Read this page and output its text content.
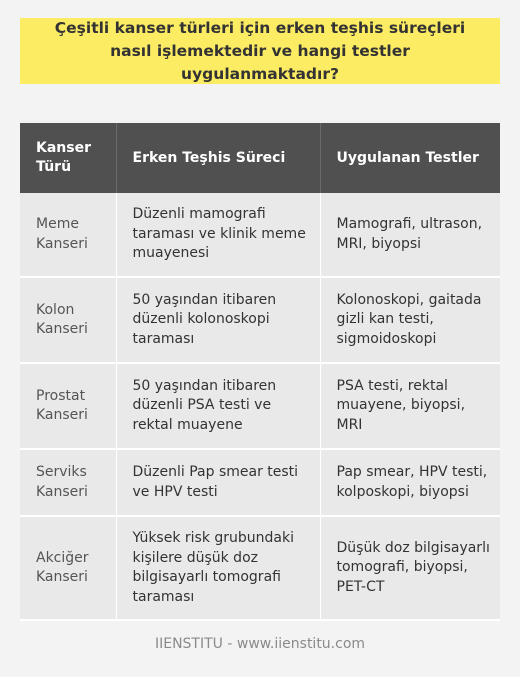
Çeşitli kanser türleri için erken teşhis süreçleri nasıl işlemektedir ve hangi testler uygulanmaktadır?
Kanser Türü	Erken Teşhis Süreci	Uygulanan Testler
Meme Kanseri	Düzenli mamografi taraması ve klinik meme muayenesi	Mamografi, ultrason, MRI, biyopsi
Kolon Kanseri	50 yaşından itibaren düzenli kolonoskopi taraması	Kolonoskopi, gaitada gizli kan testi, sigmoidoskopi
Prostat Kanseri	50 yaşından itibaren düzenli PSA testi ve rektal muayene	PSA testi, rektal muayene, biyopsi, MRI
Serviks Kanseri	Düzenli Pap smear testi ve HPV testi	Pap smear, HPV testi, kolposkopi, biyopsi
Akciğer Kanseri	Yüksek risk grubundaki kişilere düşük doz bilgisayarlı tomografi taraması	Düşük doz bilgisayarlı tomografi, biyopsi, PET-CT
IIENSTITU - www.iienstitu.com
